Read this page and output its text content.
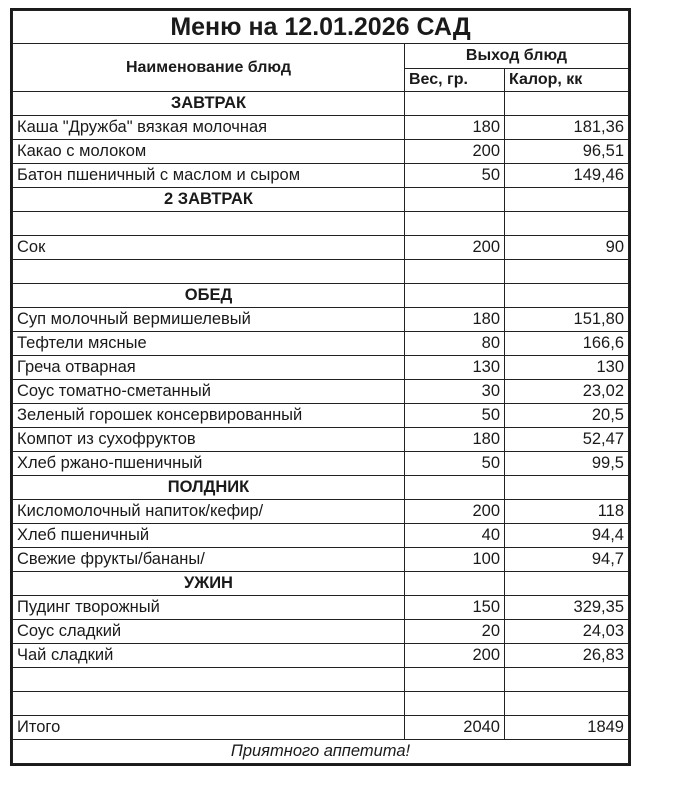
Меню на 12.01.2026 САД		
Наименование блюд	Выход блюд	
	Вес, гр.	Калор, кк
ЗАВТРАК		
Каша "Дружба" вязкая молочная	180	181,36
Какао с молоком	200	96,51
Батон пшеничный с маслом и сыром	50	149,46
2 ЗАВТРАК		

Сок	200	90

ОБЕД		
Суп молочный вермишелевый	180	151,80
Тефтели мясные	80	166,6
Греча отварная	130	130
Соус томатно-сметанный	30	23,02
Зеленый горошек консервированный	50	20,5
Компот из сухофруктов	180	52,47
Хлеб ржано-пшеничный	50	99,5
ПОЛДНИК		
Кисломолочный напиток/кефир/	200	118
Хлеб пшеничный	40	94,4
Свежие фрукты/бананы/	100	94,7
УЖИН		
Пудинг творожный	150	329,35
Соус сладкий	20	24,03
Чай сладкий	200	26,83

Итого	2040	1849
Приятного аппетита!		
